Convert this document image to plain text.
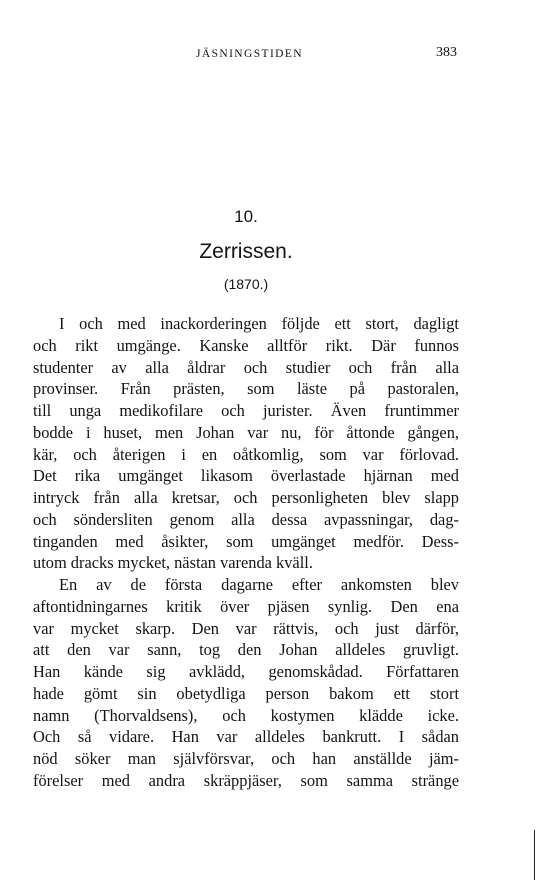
JÄSNINGSTIDEN	383
10.
Zerrissen.
(1870.)
I och med inackorderingen följde ett stort, dagligt
och rikt umgänge. Kanske alltför rikt. Där funnos
studenter av alla åldrar och studier och från alla
provinser. Från prästen, som läste på pastoralen,
till unga medikofilare och jurister. Även fruntimmer
bodde i huset, men Johan var nu, för åttonde gången,
kär, och återigen i en oåtkomlig, som var förlovad.
Det rika umgänget likasom överlastade hjärnan med
intryck från alla kretsar, och personligheten blev slapp
och söndersliten genom alla dessa avpassningar, dag-
tinganden med åsikter, som umgänget medför. Dess-
utom dracks mycket, nästan varenda kväll.
En av de första dagarne efter ankomsten blev
aftontidningarnes kritik över pjäsen synlig. Den ena
var mycket skarp. Den var rättvis, och just därför,
att den var sann, tog den Johan alldeles gruvligt.
Han kände sig avklädd, genomskådad. Författaren
hade gömt sin obetydliga person bakom ett stort
namn (Thorvaldsens), och kostymen klädde icke.
Och så vidare. Han var alldeles bankrutt. I sådan
nöd söker man självförsvar, och han anställde jäm-
förelser med andra skräppjäser, som samma stränge
